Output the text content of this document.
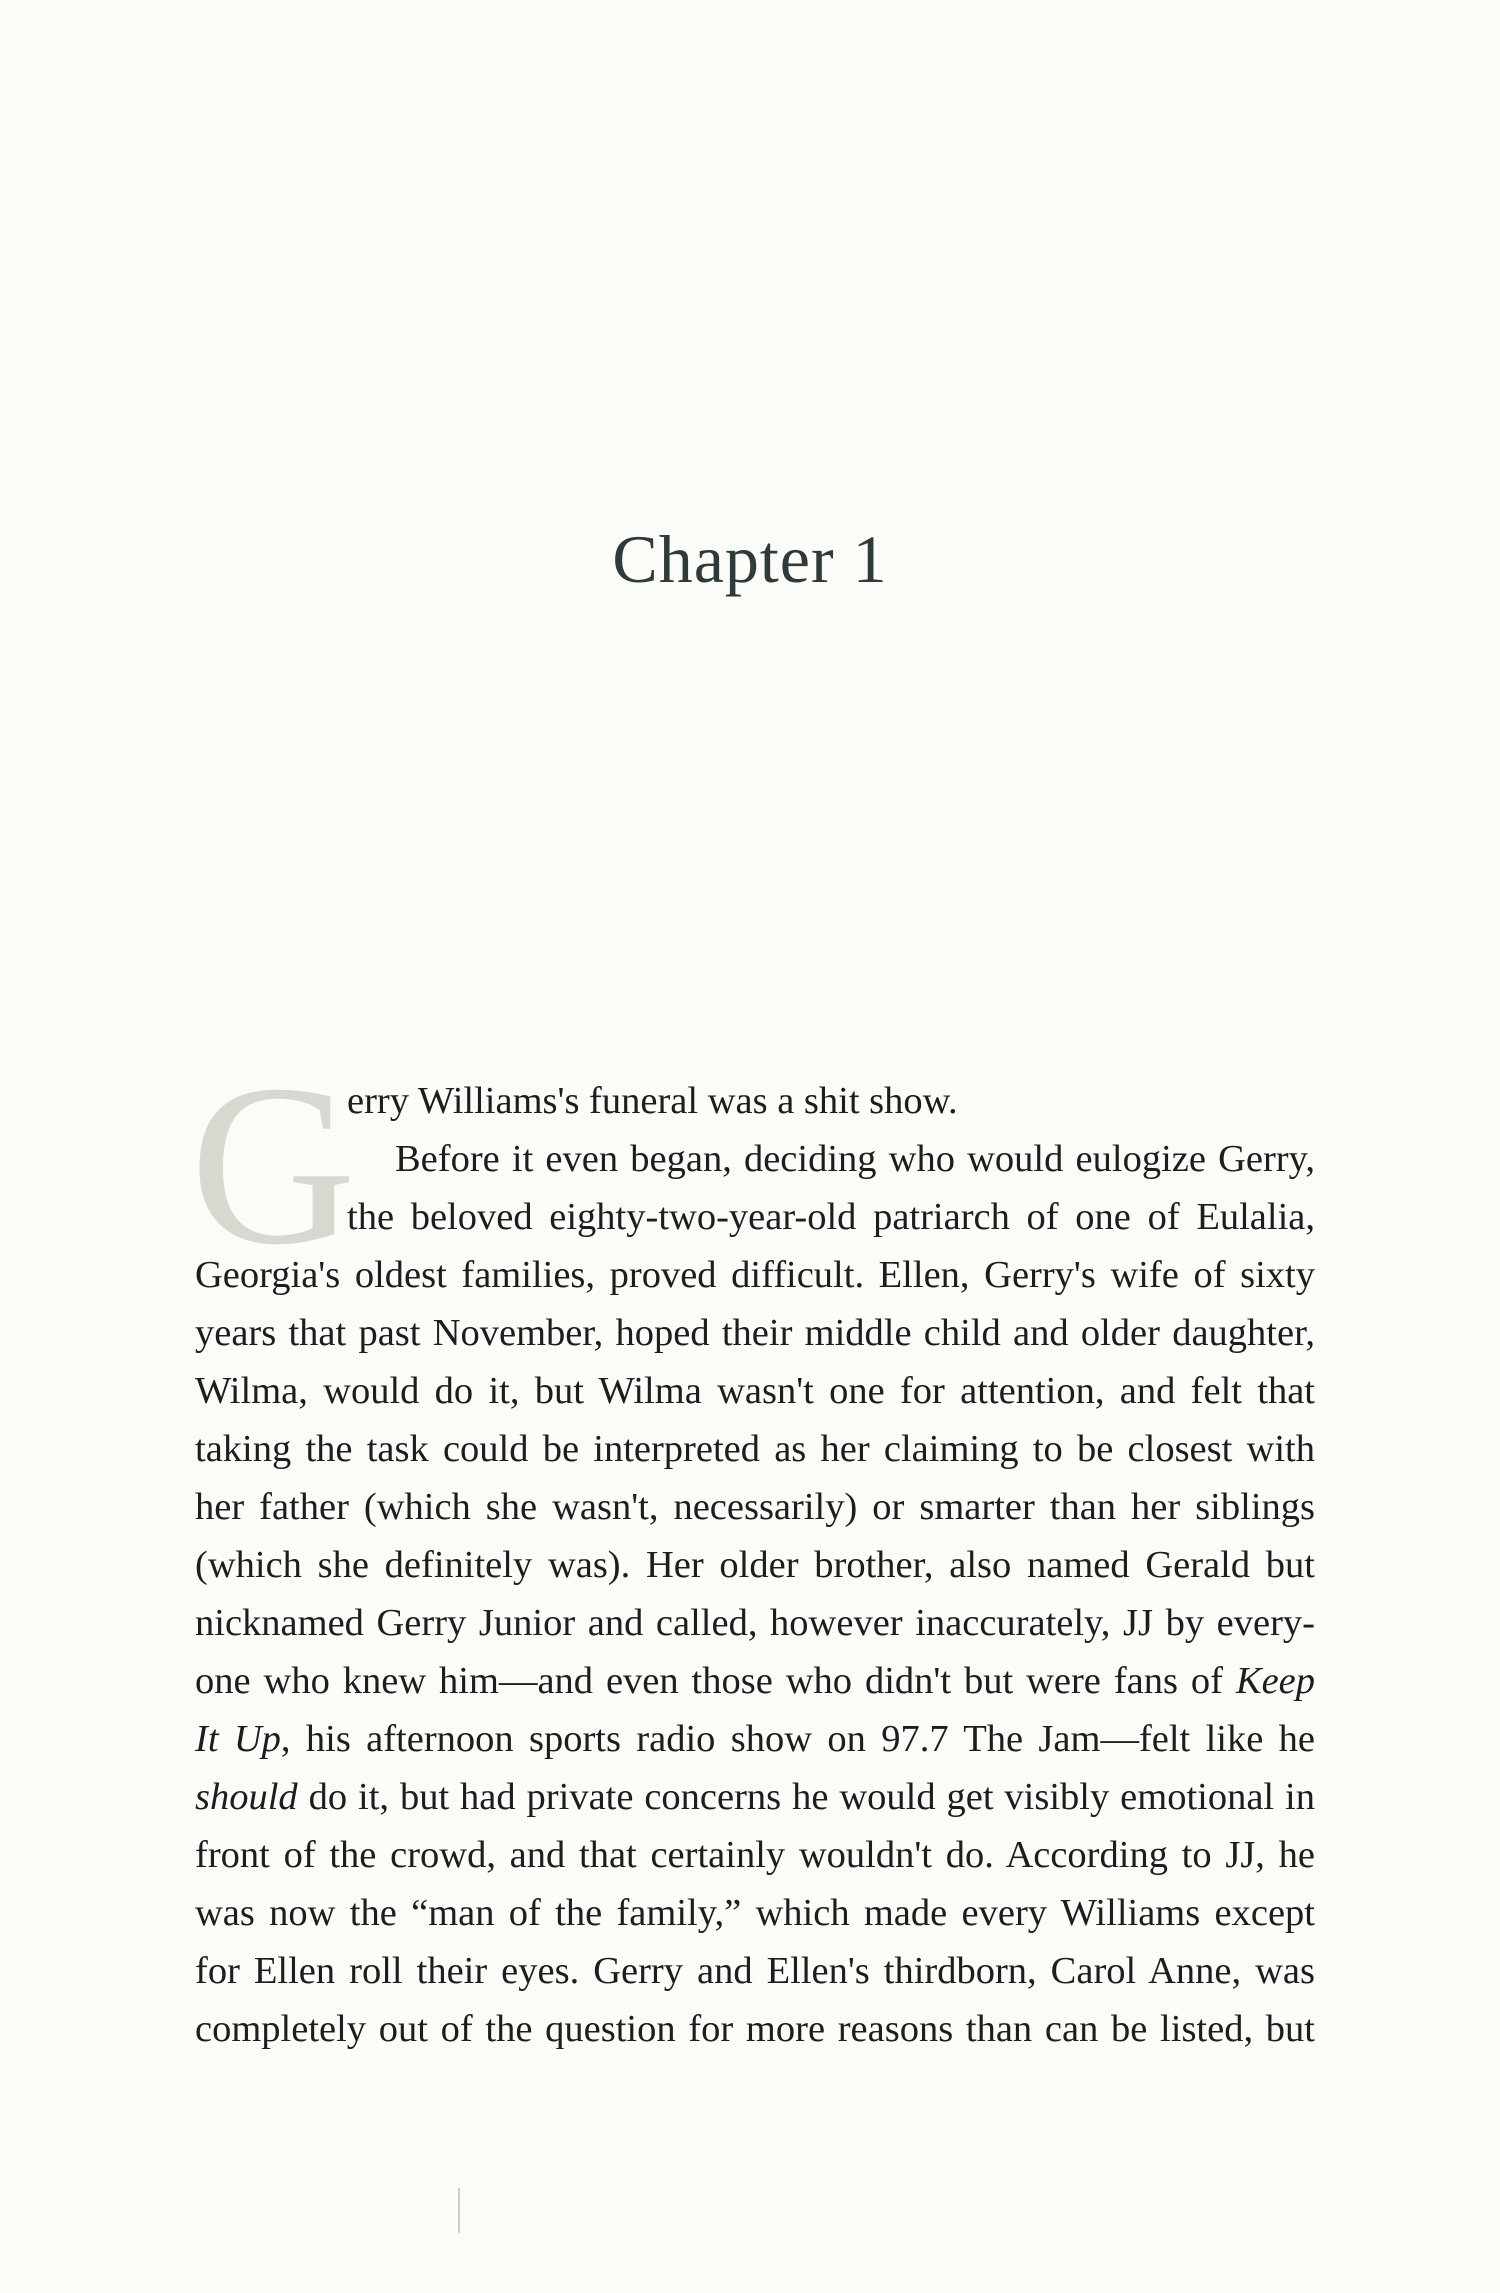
Chapter 1
G
erry Williams's funeral was a shit show.
Before it even began, deciding who would eulogize Gerry,
the beloved eighty-two-year-old patriarch of one of Eulalia,
Georgia's oldest families, proved difficult. Ellen, Gerry's wife of sixty
years that past November, hoped their middle child and older daughter,
Wilma, would do it, but Wilma wasn't one for attention, and felt that
taking the task could be interpreted as her claiming to be closest with
her father (which she wasn't, necessarily) or smarter than her siblings
(which she definitely was). Her older brother, also named Gerald but
nicknamed Gerry Junior and called, however inaccurately, JJ by every-
one who knew him—and even those who didn't but were fans of Keep
It Up, his afternoon sports radio show on 97.7 The Jam—felt like he
should do it, but had private concerns he would get visibly emotional in
front of the crowd, and that certainly wouldn't do. According to JJ, he
was now the “man of the family,” which made every Williams except
for Ellen roll their eyes. Gerry and Ellen's thirdborn, Carol Anne, was
completely out of the question for more reasons than can be listed, but
